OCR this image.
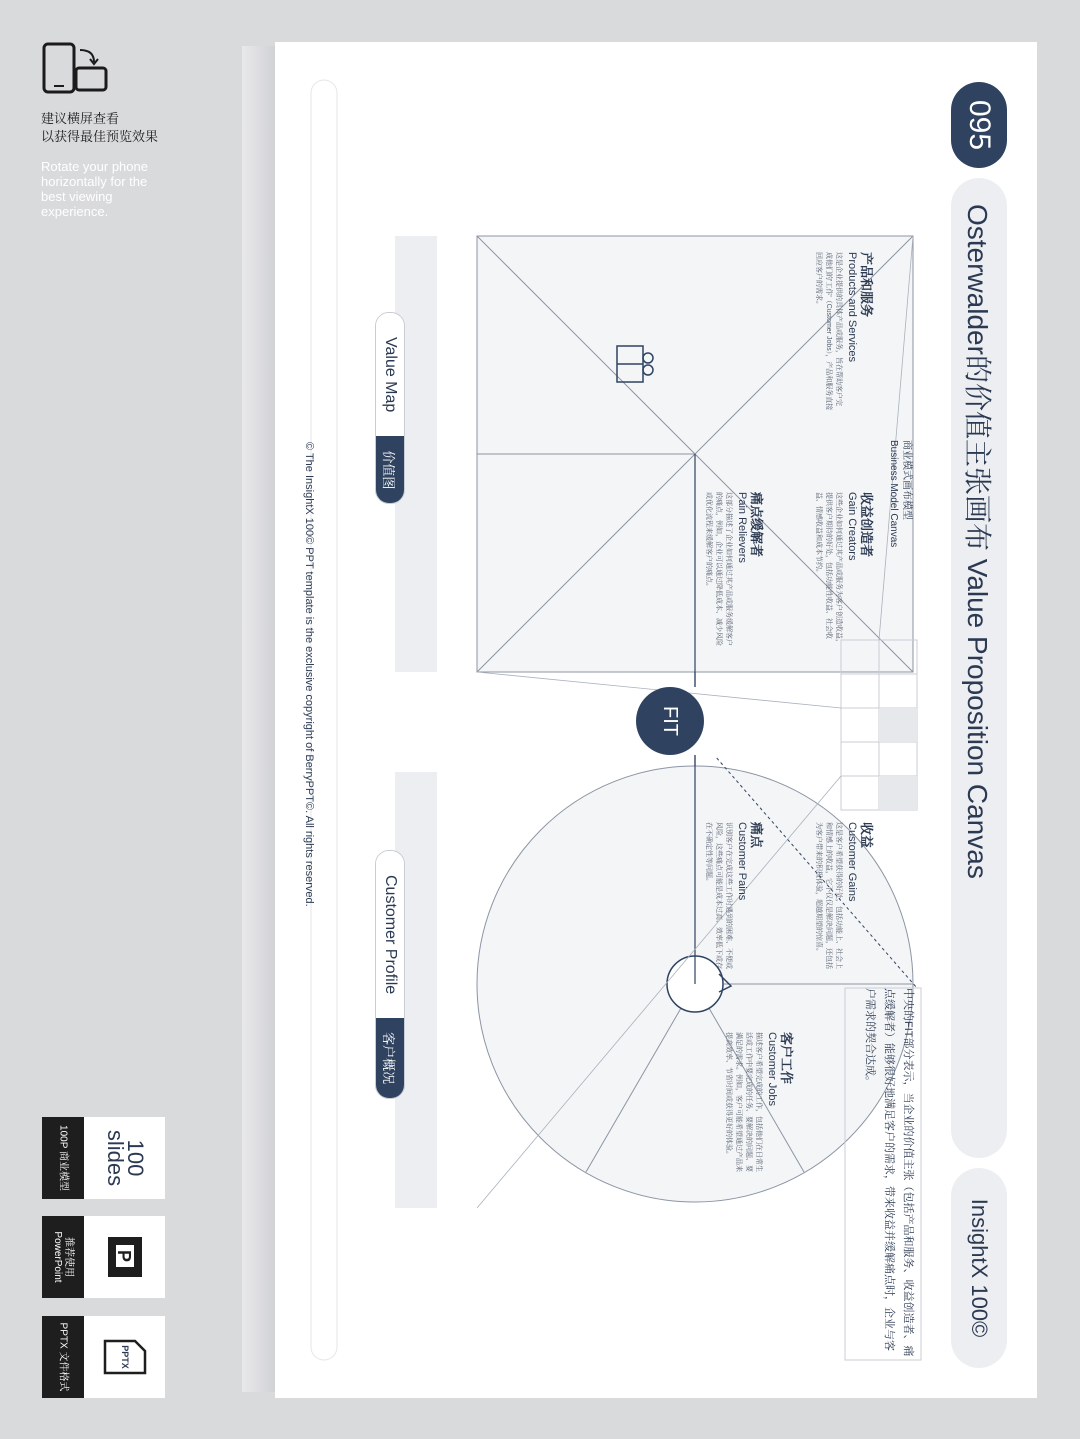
建议横屏查看
以获得最佳预览效果
Rotate your phone horizontally for the best viewing experience.
100P 商业模型	100 slides
推荐使用 PowerPoint	P
PPTX 文件格式	PPTX
095
Osterwalder的价值主张画布 Value Proposition Canvas
InsightX 100©
商业模式画布模型
Business Model Canvas
中央的FIT部分表示，当企业的价值主张（包括产品和服务、收益创造者、痛点缓解者）能够很好地满足客户的需求，带来收益并缓解痛点时，企业与客户需求的契合达成。
FIT
收益创造者
Gain Creators
这些企业如何通过其产品或服务为客户创造收益，提供客户期待的好处，包括功能性收益、社会收益、情感收益和成本节约。
痛点缓解者
Pain Relievers
这部分描述了企业如何通过其产品或服务缓解客户的痛点，例如，企业可以通过降低成本、减少风险或优化流程来缓解客户的痛点。
产品和服务
Products and Services
这是企业提供的具体产品或服务，旨在帮助客户完成他们的'工作'（Customer Jobs），产品和服务直接回应客户的需求。
收益
Customer Gains
这是客户希望获得的好处，包括功能上、社会上和情感上的收益，它不仅仅是解决问题，还包括为客户带来的积极体验，超越期望的惊喜。
痛点
Customer Pains
识别客户在完成这些工作时遇到的困难、不便或风险，这些痛点可能是成本过高、效率低下或存在不确定性等问题。
客户工作
Customer Jobs
描述客户希望完成的工作，包括他们在日常生活或工作中要完成的任务、要解决的问题、要满足的需求。例如，客户可能希望通过产品来提高效率、节省时间或获得更好的体验。
Value Map
价值图
Customer Profile
客户概况
© The InsightX 100© PPT template is the exclusive copyright of BerryPPT©. All rights reserved.
